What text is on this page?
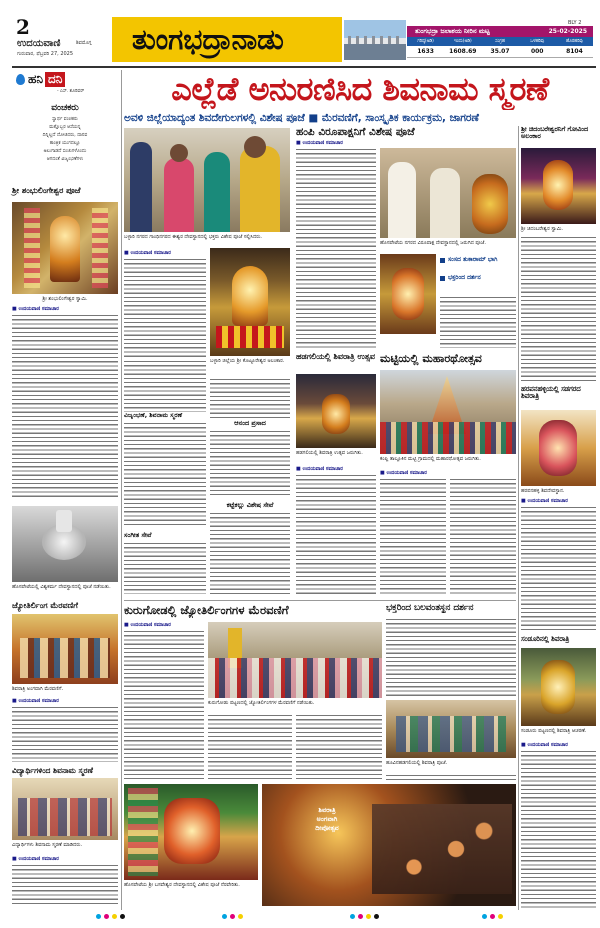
2
ಉದಯವಾಣಿ	ಶಿವಮೊಗ್ಗ
ಗುರುವಾರ, ಫೆಬ್ರವರಿ 27, 2025	ತುಂಗಭದ್ರಾನಾಡು	BLY 2
ತುಂಗಭದ್ರಾ ಜಲಾಶಯ ನೀರಿನ ಮಟ್ಟ	25-02-2025
ಗರಿಷ್ಠ(ಅಡಿ)	ಇಂದು(ಅಡಿ)	ಸಂಗ್ರಹ	ಒಳಹರಿವು	ಹೊರಹರಿವು
1633	1608.69	35.07	000	8104
ಹನಿ ದನಿ
- ಎಸ್. ಶೂರಿವರ್
ವಂಚಕರು
ಸ್ವಾರ್ಥ ವಂಚಕರು
ಮತ್ತೊಬ್ಬರ ಆಸೆಯನ್ನ
ದಿನ್ನಿಲ್ಲದೆ ದೋಚಿದರು, ದಾನವ
ತಾಂತ್ರಿಕ ಯುಗದಲ್ಲೂ
ಅಲುಗಾಡದೆ ಸಂಚುಗಳೊಂದು
ಆಗದಂತೆ ವಿಜೃಂಭಣೆಗಳು
ಶ್ರೀ ಶಂಭುಲಿಂಗೇಶ್ವರ ಪೂಜೆ
ಶ್ರೀ ಶಂಭುಲಿಂಗೇಶ್ವರ ಸ್ವಾಮಿ.
■ ಉದಯವಾಣಿ ಸಮಾಚಾರ
ಹೊಸಪೇಟೆಯಲ್ಲಿ ವಿಶ್ವಕರ್ಮ ದೇವಸ್ಥಾನದಲ್ಲಿ ಪೂಜೆ ನಡೆಯಿತು.
ಜ್ಯೋತಿರ್ಲಿಂಗ ಮೆರವಣಿಗೆ
ಶಿವರಾತ್ರಿ ಅಂಗವಾಗಿ ಮೆರವಣಿಗೆ.
■ ಉದಯವಾಣಿ ಸಮಾಚಾರ
ವಿದ್ಯಾರ್ಥಿಗಳಿಂದ ಶಿವನಾಮ ಸ್ಮರಣೆ
ವಿದ್ಯಾರ್ಥಿಗಳು ಶಿವನಾಮ ಸ್ಮರಣೆ ಮಾಡಿದರು.
■ ಉದಯವಾಣಿ ಸಮಾಚಾರ
ಎಲ್ಲೆಡೆ ಅನುರಣಿಸಿದ ಶಿವನಾಮ ಸ್ಮರಣೆ
ಅವಳಿ ಜಿಲ್ಲೆಯಾದ್ಯಂತ ಶಿವದೇಗುಲಗಳಲ್ಲಿ ವಿಶೇಷ ಪೂಜೆ ■ ಮೆರವಣಿಗೆ, ಸಾಂಸ್ಕೃತಿಕ ಕಾರ್ಯಕ್ರಮ, ಜಾಗರಣೆ
ಬಳ್ಳಾರಿ ನಗರದ ಗಾಂಧಿನಗರದ ಈಶ್ವರ ದೇವಸ್ಥಾನದಲ್ಲಿ ಭಕ್ತರು ವಿಶೇಷ ಪೂಜೆ ಸಲ್ಲಿಸಿದರು.
■ ಉದಯವಾಣಿ ಸಮಾಚಾರ
ಬಳ್ಳಾರಿ ಜಿಲ್ಲೆಯ ಶ್ರೀ ಕೊಟ್ಟೂರೇಶ್ವರ ಅಲಂಕಾರ.
ವಿಜೃಂಭಣೆ, ಶಿವನಾಮ ಸ್ಮರಣೆ
ಸಂಗೀತ ಸೇವೆ
ಆನಂದ ಪ್ರಸಾದ
ಕಟ್ಟೆಕಲ್ಲು ವಿಶೇಷ ಸೇವೆ
ಹಂಪಿ ವಿರೂಪಾಕ್ಷನಿಗೆ ವಿಶೇಷ ಪೂಜೆ
■ ಉದಯವಾಣಿ ಸಮಾಚಾರ
ಹೊಸಪೇಟೆಯ ನಗರದ ವಿರೂಪಾಕ್ಷ ದೇವಸ್ಥಾನದಲ್ಲಿ ಜರುಗಿದ ಪೂಜೆ.
ಸಂಸದ ತುಕಾರಾಮ್ ಭಾಗಿ
ಭಕ್ತರಿಂದ ದರ್ಶನ
ಹಡಗಲಿಯಲ್ಲಿ ಶಿವರಾತ್ರಿ ಉತ್ಸವ
ಹಡಗಲಿಯಲ್ಲಿ ಶಿವರಾತ್ರಿ ಉತ್ಸವ ಜರುಗಿತು.
■ ಉದಯವಾಣಿ ಸಮಾಚಾರ
ಮಟ್ಟಿಯಲ್ಲಿ ಮಹಾರಥೋತ್ಸವ
ಕಂಪ್ಲಿ ತಾಲ್ಲೂಕಿನ ಮಟ್ಟಿ ಗ್ರಾಮದಲ್ಲಿ ಮಹಾರಥೋತ್ಸವ ಜರುಗಿತು.
■ ಉದಯವಾಣಿ ಸಮಾಚಾರ
ಶ್ರೀ ಚಿದಂಬರೇಶ್ವರನಿಗೆ ಗೋವಿಂದ ಅಲಂಕಾರ
ಶ್ರೀ ಚಿದಂಬರೇಶ್ವರ ಸ್ವಾಮಿ.
ಹರಪನಹಳ್ಳಿಯಲ್ಲಿ ಸಡಗರದ ಶಿವರಾತ್ರಿ
ಹರಪನಹಳ್ಳಿ ಶಿವದೇವಸ್ಥಾನ.
■ ಉದಯವಾಣಿ ಸಮಾಚಾರ
ಸಂಡೂರಿನಲ್ಲಿ ಶಿವರಾತ್ರಿ
ಸಂಡೂರು ಪಟ್ಟಣದಲ್ಲಿ ಶಿವರಾತ್ರಿ ಆಚರಣೆ.
■ ಉದಯವಾಣಿ ಸಮಾಚಾರ
ಕುರುಗೋಡಲ್ಲಿ ಜ್ಯೋತಿರ್ಲಿಂಗಗಳ ಮೆರವಣಿಗೆ
■ ಉದಯವಾಣಿ ಸಮಾಚಾರ
ಕುರುಗೋಡು ಪಟ್ಟಣದಲ್ಲಿ ಜ್ಯೋತಿರ್ಲಿಂಗಗಳ ಮೆರವಣಿಗೆ ನಡೆಯಿತು.
ಭಕ್ತರಿಂದ ಬಲವಂತಸ್ಥನ ದರ್ಶನ
ಹೂವಿನಹಡಗಲಿಯಲ್ಲಿ ಶಿವರಾತ್ರಿ ಪೂಜೆ.
ಹೊಸಪೇಟೆಯ ಶ್ರೀ ಬಸವೇಶ್ವರ ದೇವಸ್ಥಾನದಲ್ಲಿ ವಿಶೇಷ ಪೂಜೆ ನೆರವೇರಿತು.
ಶಿವರಾತ್ರಿ
ಅಂಗವಾಗಿ
ದೀಪೋತ್ಸವ
